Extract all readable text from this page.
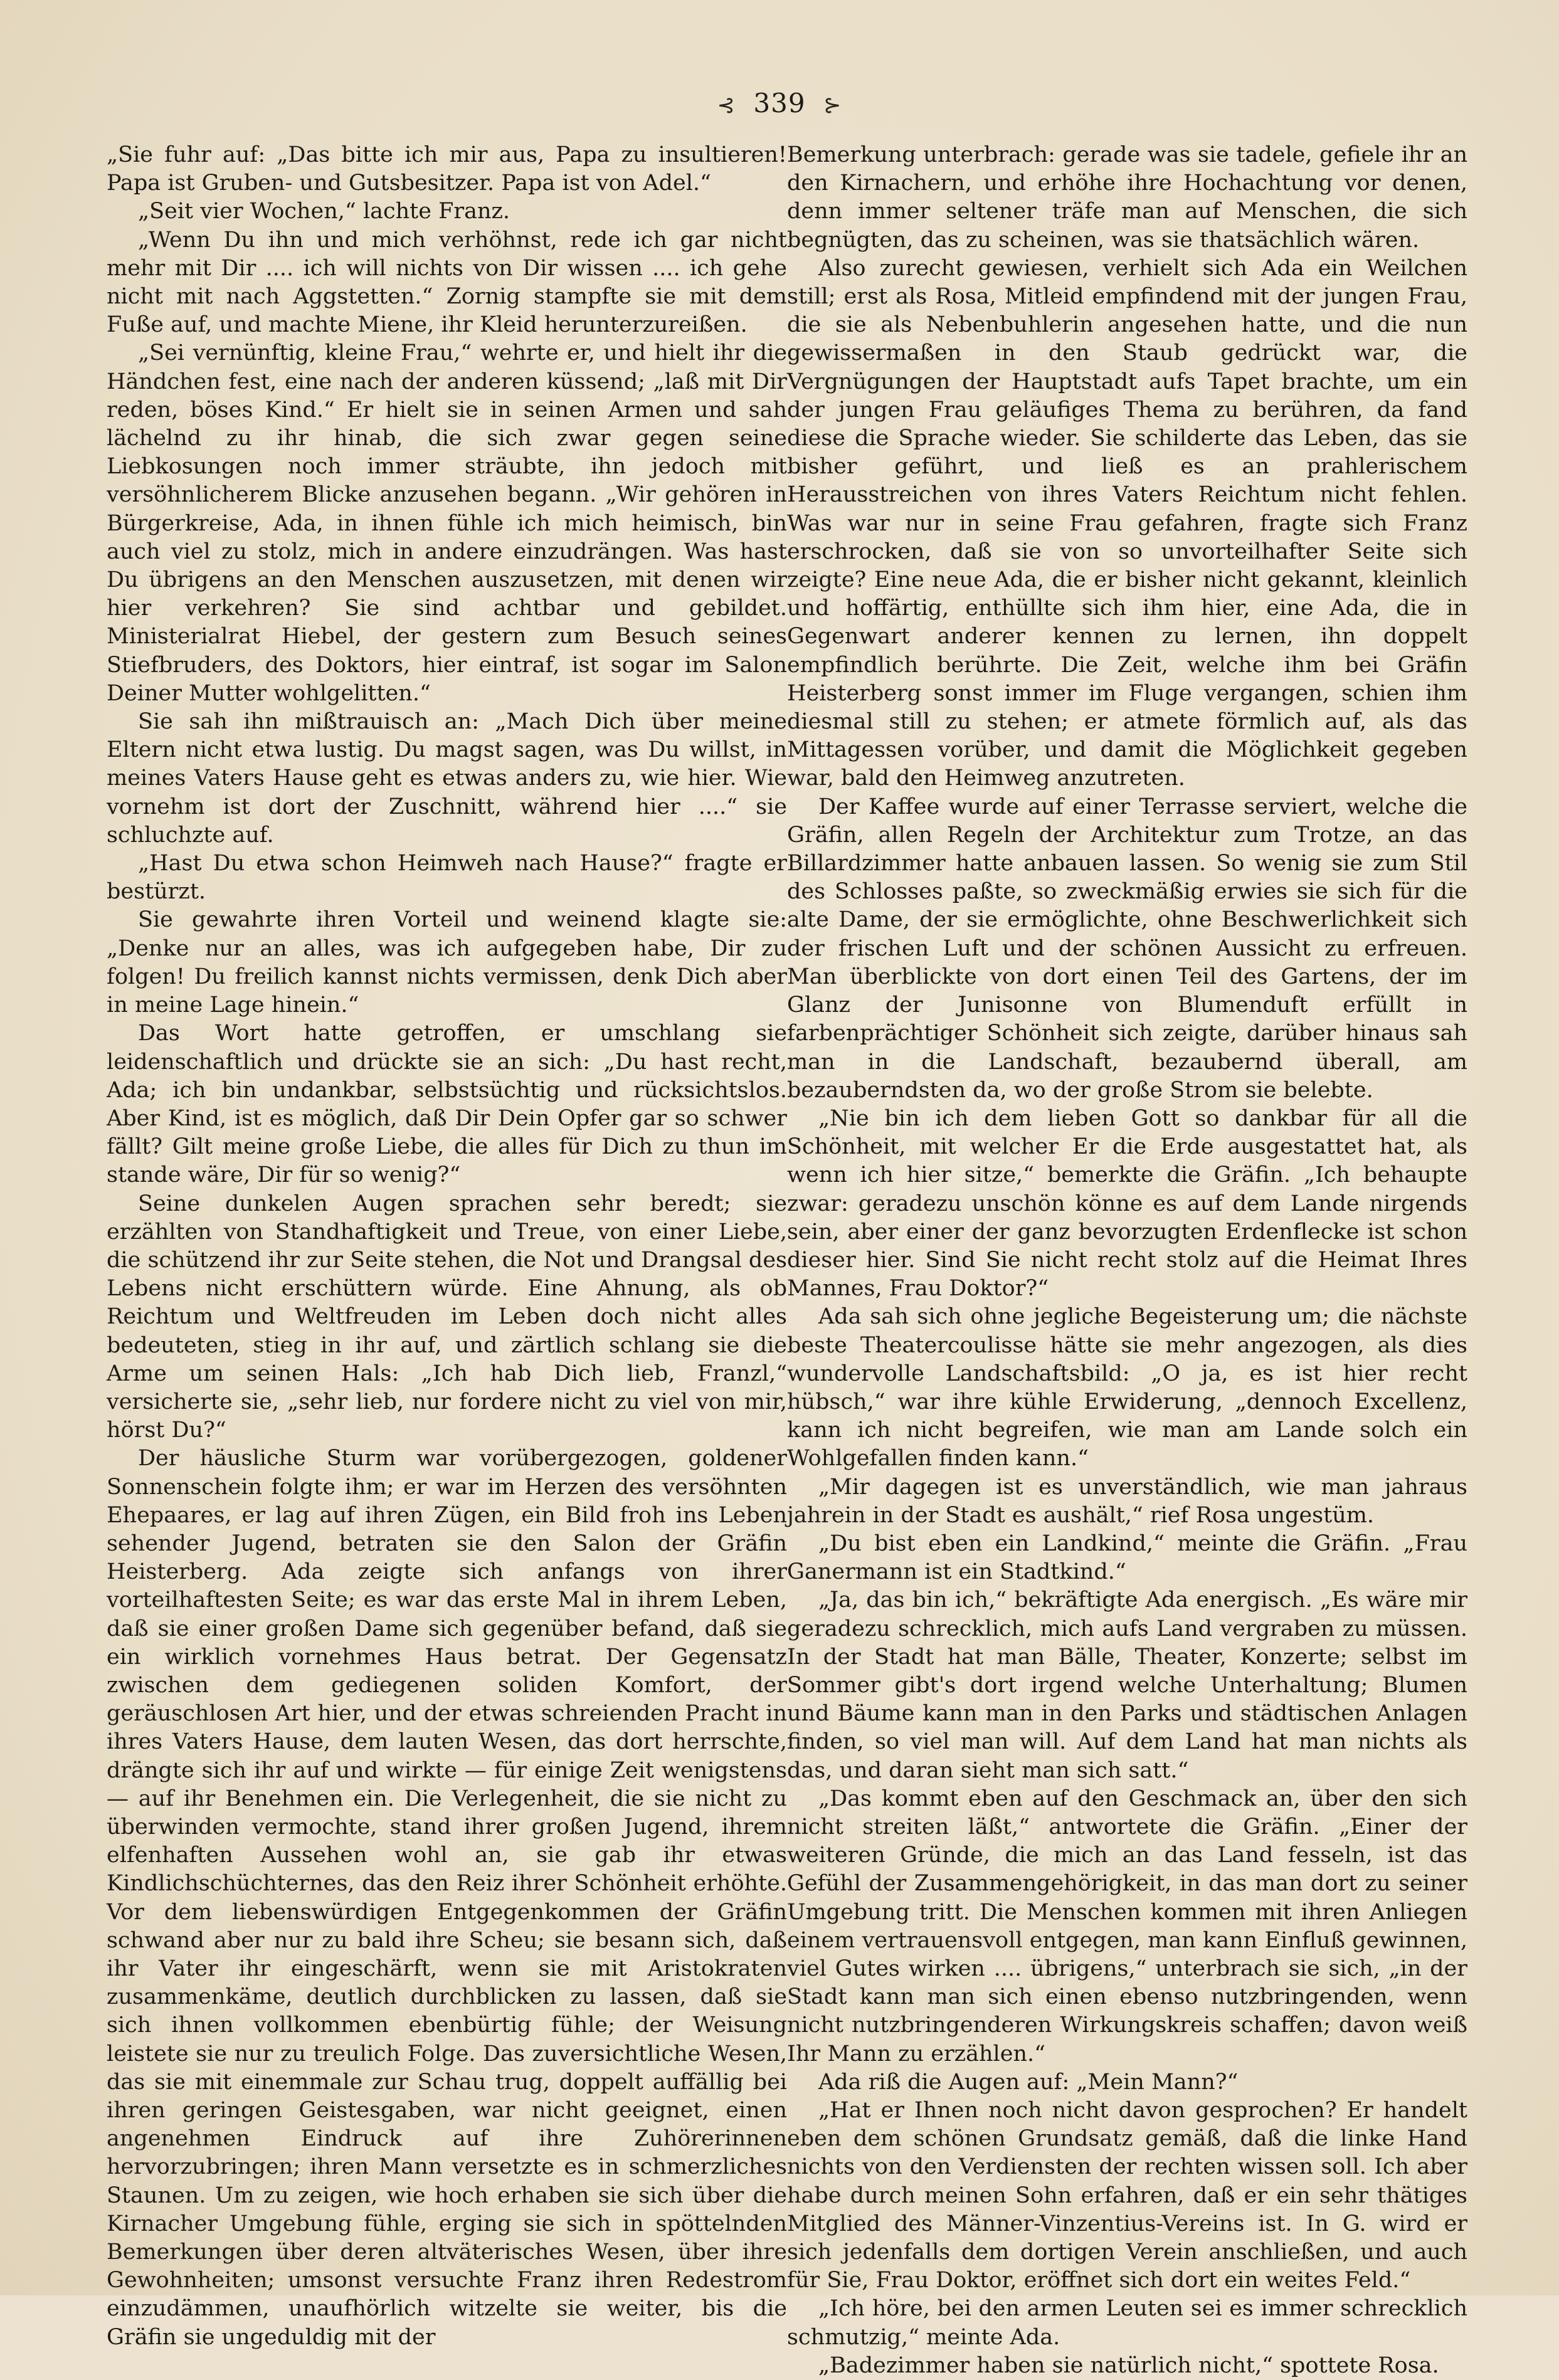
⊰ 339 ⊱

„Sie fuhr auf: „Das bitte ich mir aus, Papa zu insultieren! Papa ist Gruben- und Gutsbesitzer. Papa ist von Adel.“

„Seit vier Wochen,“ lachte Franz.

„Wenn Du ihn und mich verhöhnst, rede ich gar nicht mehr mit Dir .... ich will nichts von Dir wissen .... ich gehe nicht mit nach Aggstetten.“ Zornig stampfte sie mit dem Fuße auf, und machte Miene, ihr Kleid herunterzureißen.

„Sei vernünftig, kleine Frau,“ wehrte er, und hielt ihr die Händchen fest, eine nach der anderen küssend; „laß mit Dir reden, böses Kind.“ Er hielt sie in seinen Armen und sah lächelnd zu ihr hinab, die sich zwar gegen seine Liebkosungen noch immer sträubte, ihn jedoch mit versöhnlicherem Blicke anzusehen begann. „Wir gehören in Bürgerkreise, Ada, in ihnen fühle ich mich heimisch, bin auch viel zu stolz, mich in andere einzudrängen. Was hast Du übrigens an den Menschen auszusetzen, mit denen wir hier verkehren? Sie sind achtbar und gebildet. Ministerialrat Hiebel, der gestern zum Besuch seines Stiefbruders, des Doktors, hier eintraf, ist sogar im Salon Deiner Mutter wohlgelitten.“

Sie sah ihn mißtrauisch an: „Mach Dich über meine Eltern nicht etwa lustig. Du magst sagen, was Du willst, in meines Vaters Hause geht es etwas anders zu, wie hier. Wie vornehm ist dort der Zuschnitt, während hier ....“ sie schluchzte auf.

„Hast Du etwa schon Heimweh nach Hause?“ fragte er bestürzt.

Sie gewahrte ihren Vorteil und weinend klagte sie: „Denke nur an alles, was ich aufgegeben habe, Dir zu folgen! Du freilich kannst nichts vermissen, denk Dich aber in meine Lage hinein.“

Das Wort hatte getroffen, er umschlang sie leidenschaftlich und drückte sie an sich: „Du hast recht, Ada; ich bin undankbar, selbstsüchtig und rücksichtslos. Aber Kind, ist es möglich, daß Dir Dein Opfer gar so schwer fällt? Gilt meine große Liebe, die alles für Dich zu thun im stande wäre, Dir für so wenig?“

Seine dunkelen Augen sprachen sehr beredt; sie erzählten von Standhaftigkeit und Treue, von einer Liebe, die schützend ihr zur Seite stehen, die Not und Drangsal des Lebens nicht erschüttern würde. Eine Ahnung, als ob Reichtum und Weltfreuden im Leben doch nicht alles bedeuteten, stieg in ihr auf, und zärtlich schlang sie die Arme um seinen Hals: „Ich hab Dich lieb, Franzl,“ versicherte sie, „sehr lieb, nur fordere nicht zu viel von mir, hörst Du?“

Der häusliche Sturm war vorübergezogen, goldener Sonnenschein folgte ihm; er war im Herzen des versöhnten Ehepaares, er lag auf ihren Zügen, ein Bild froh ins Leben sehender Jugend, betraten sie den Salon der Gräfin Heisterberg. Ada zeigte sich anfangs von ihrer vorteilhaftesten Seite; es war das erste Mal in ihrem Leben, daß sie einer großen Dame sich gegenüber befand, daß sie ein wirklich vornehmes Haus betrat. Der Gegensatz zwischen dem gediegenen soliden Komfort, der geräuschlosen Art hier, und der etwas schreienden Pracht in ihres Vaters Hause, dem lauten Wesen, das dort herrschte, drängte sich ihr auf und wirkte — für einige Zeit wenigstens — auf ihr Benehmen ein. Die Verlegenheit, die sie nicht zu überwinden vermochte, stand ihrer großen Jugend, ihrem elfenhaften Aussehen wohl an, sie gab ihr etwas Kindlichschüchternes, das den Reiz ihrer Schönheit erhöhte. Vor dem liebenswürdigen Entgegenkommen der Gräfin schwand aber nur zu bald ihre Scheu; sie besann sich, daß ihr Vater ihr eingeschärft, wenn sie mit Aristokraten zusammenkäme, deutlich durchblicken zu lassen, daß sie sich ihnen vollkommen ebenbürtig fühle; der Weisung leistete sie nur zu treulich Folge. Das zuversichtliche Wesen, das sie mit einemmale zur Schau trug, doppelt auffällig bei ihren geringen Geistesgaben, war nicht geeignet, einen angenehmen Eindruck auf ihre Zuhörerinnen hervorzubringen; ihren Mann versetzte es in schmerzliches Staunen. Um zu zeigen, wie hoch erhaben sie sich über die Kirnacher Umgebung fühle, erging sie sich in spöttelnden Bemerkungen über deren altväterisches Wesen, über ihre Gewohnheiten; umsonst versuchte Franz ihren Redestrom einzudämmen, unaufhörlich witzelte sie weiter, bis die Gräfin sie ungeduldig mit der

Bemerkung unterbrach: gerade was sie tadele, gefiele ihr an den Kirnachern, und erhöhe ihre Hochachtung vor denen, denn immer seltener träfe man auf Menschen, die sich begnügten, das zu scheinen, was sie thatsächlich wären.

Also zurecht gewiesen, verhielt sich Ada ein Weilchen still; erst als Rosa, Mitleid empfindend mit der jungen Frau, die sie als Nebenbuhlerin angesehen hatte, und die nun gewissermaßen in den Staub gedrückt war, die Vergnügungen der Hauptstadt aufs Tapet brachte, um ein der jungen Frau geläufiges Thema zu berühren, da fand diese die Sprache wieder. Sie schilderte das Leben, das sie bisher geführt, und ließ es an prahlerischem Herausstreichen von ihres Vaters Reichtum nicht fehlen. Was war nur in seine Frau gefahren, fragte sich Franz erschrocken, daß sie von so unvorteilhafter Seite sich zeigte? Eine neue Ada, die er bisher nicht gekannt, kleinlich und hoffärtig, enthüllte sich ihm hier, eine Ada, die in Gegenwart anderer kennen zu lernen, ihn doppelt empfindlich berührte. Die Zeit, welche ihm bei Gräfin Heisterberg sonst immer im Fluge vergangen, schien ihm diesmal still zu stehen; er atmete förmlich auf, als das Mittagessen vorüber, und damit die Möglichkeit gegeben war, bald den Heimweg anzutreten.

Der Kaffee wurde auf einer Terrasse serviert, welche die Gräfin, allen Regeln der Architektur zum Trotze, an das Billardzimmer hatte anbauen lassen. So wenig sie zum Stil des Schlosses paßte, so zweckmäßig erwies sie sich für die alte Dame, der sie ermöglichte, ohne Beschwerlichkeit sich der frischen Luft und der schönen Aussicht zu erfreuen. Man überblickte von dort einen Teil des Gartens, der im Glanz der Junisonne von Blumenduft erfüllt in farbenprächtiger Schönheit sich zeigte, darüber hinaus sah man in die Landschaft, bezaubernd überall, am bezauberndsten da, wo der große Strom sie belebte.

„Nie bin ich dem lieben Gott so dankbar für all die Schönheit, mit welcher Er die Erde ausgestattet hat, als wenn ich hier sitze,“ bemerkte die Gräfin. „Ich behaupte zwar: geradezu unschön könne es auf dem Lande nirgends sein, aber einer der ganz bevorzugten Erdenflecke ist schon dieser hier. Sind Sie nicht recht stolz auf die Heimat Ihres Mannes, Frau Doktor?“

Ada sah sich ohne jegliche Begeisterung um; die nächste beste Theatercoulisse hätte sie mehr angezogen, als dies wundervolle Landschaftsbild: „O ja, es ist hier recht hübsch,“ war ihre kühle Erwiderung, „dennoch Excellenz, kann ich nicht begreifen, wie man am Lande solch ein Wohlgefallen finden kann.“

„Mir dagegen ist es unverständlich, wie man jahraus jahrein in der Stadt es aushält,“ rief Rosa ungestüm.

„Du bist eben ein Landkind,“ meinte die Gräfin. „Frau Ganermann ist ein Stadtkind.“

„Ja, das bin ich,“ bekräftigte Ada energisch. „Es wäre mir geradezu schrecklich, mich aufs Land vergraben zu müssen. In der Stadt hat man Bälle, Theater, Konzerte; selbst im Sommer gibt's dort irgend welche Unterhaltung; Blumen und Bäume kann man in den Parks und städtischen Anlagen finden, so viel man will. Auf dem Land hat man nichts als das, und daran sieht man sich satt.“

„Das kommt eben auf den Geschmack an, über den sich nicht streiten läßt,“ antwortete die Gräfin. „Einer der weiteren Gründe, die mich an das Land fesseln, ist das Gefühl der Zusammengehörigkeit, in das man dort zu seiner Umgebung tritt. Die Menschen kommen mit ihren Anliegen einem vertrauensvoll entgegen, man kann Einfluß gewinnen, viel Gutes wirken .... übrigens,“ unterbrach sie sich, „in der Stadt kann man sich einen ebenso nutzbringenden, wenn nicht nutzbringenderen Wirkungskreis schaffen; davon weiß Ihr Mann zu erzählen.“

Ada riß die Augen auf: „Mein Mann?“

„Hat er Ihnen noch nicht davon gesprochen? Er handelt eben dem schönen Grundsatz gemäß, daß die linke Hand nichts von den Verdiensten der rechten wissen soll. Ich aber habe durch meinen Sohn erfahren, daß er ein sehr thätiges Mitglied des Männer-Vinzentius-Vereins ist. In G. wird er sich jedenfalls dem dortigen Verein anschließen, und auch für Sie, Frau Doktor, eröffnet sich dort ein weites Feld.“

„Ich höre, bei den armen Leuten sei es immer schrecklich schmutzig,“ meinte Ada.

„Badezimmer haben sie natürlich nicht,“ spottete Rosa.
